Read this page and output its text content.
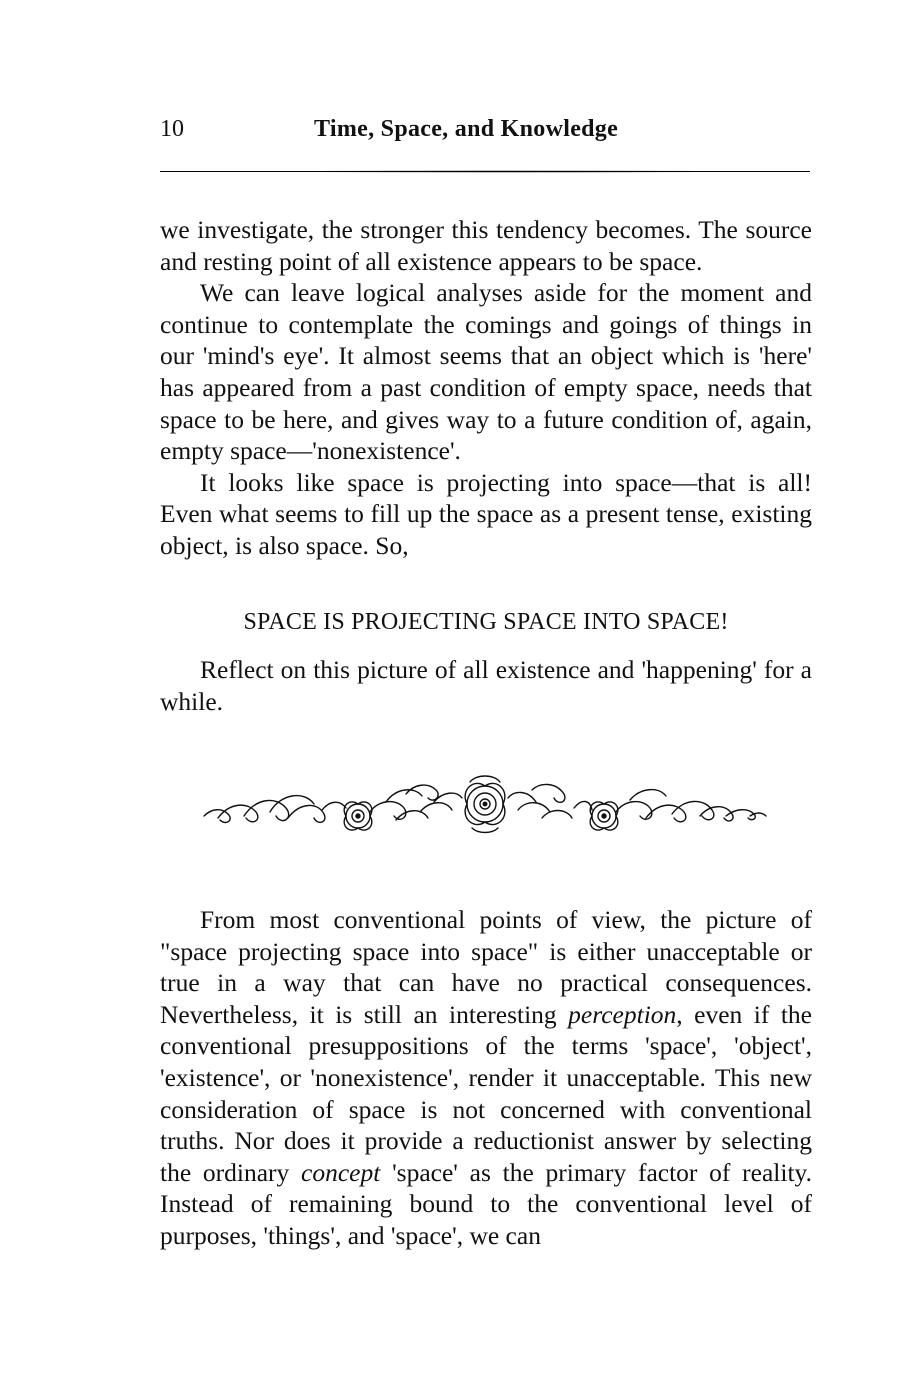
10	Time, Space, and Knowledge

we investigate, the stronger this tendency becomes. The source and resting point of all existence appears to be space.

We can leave logical analyses aside for the moment and continue to contemplate the comings and goings of things in our 'mind's eye'. It almost seems that an object which is 'here' has appeared from a past condition of empty space, needs that space to be here, and gives way to a future condition of, again, empty space—'nonexistence'.

It looks like space is projecting into space—that is all! Even what seems to fill up the space as a present tense, existing object, is also space. So,

SPACE IS PROJECTING SPACE INTO SPACE!

Reflect on this picture of all existence and 'happening' for a while.

From most conventional points of view, the picture of "space projecting space into space" is either unacceptable or true in a way that can have no practical consequences. Nevertheless, it is still an interesting perception, even if the conventional presuppositions of the terms 'space', 'object', 'existence', or 'nonexistence', render it unacceptable. This new consideration of space is not concerned with conventional truths. Nor does it provide a reductionist answer by selecting the ordinary concept 'space' as the primary factor of reality. Instead of remaining bound to the conventional level of purposes, 'things', and 'space', we can
